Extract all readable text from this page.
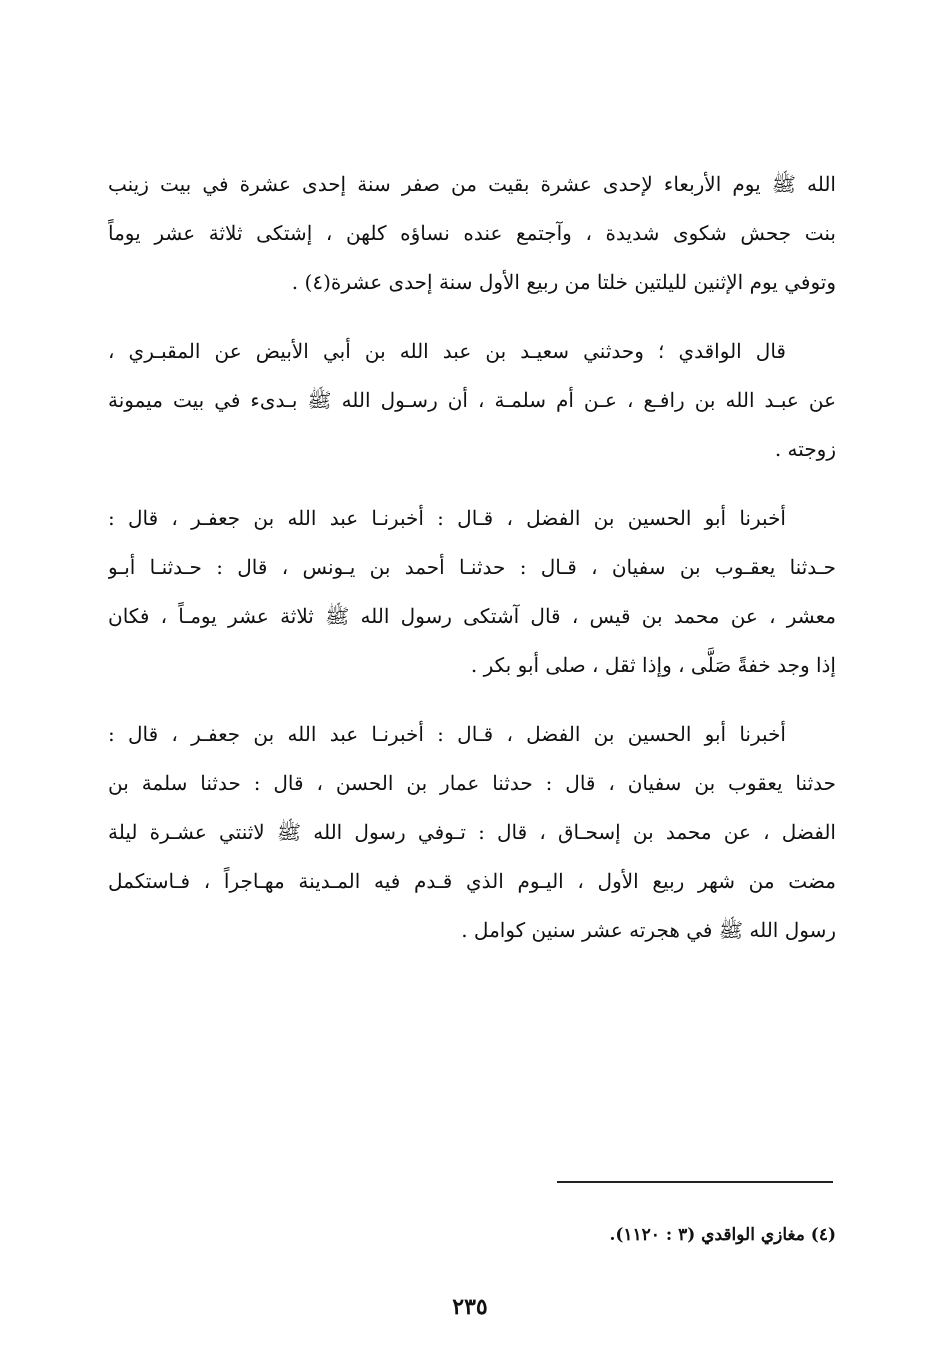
الله ﷺ يوم الأربعاء لإحدى عشرة بقيت من صفر سنة إحدى عشرة في بيت زينب
بنت جحش شكوى شديدة ، وآجتمع عنده نساؤه كلهن ، إشتكى ثلاثة عشر يوماً
وتوفي يوم الإثنين لليلتين خلتا من ربيع الأول سنة إحدى عشرة(٤) .

قال الواقدي ؛ وحدثني سعيـد بن عبد الله بن أبي الأبيض عن المقبـري ،
عن عبـد الله بن رافـع ، عـن أم سلمـة ، أن رسـول الله ﷺ بـدىء في بيت ميمونة
زوجته .

أخبرنا أبو الحسين بن الفضل ، قـال : أخبرنـا عبد الله بن جعفـر ، قال :
حـدثنا يعقـوب بن سفيان ، قـال : حدثنـا أحمد بن يـونس ، قال : حـدثنـا أبـو
معشر ، عن محمد بن قيس ، قال آشتكى رسول الله ﷺ ثلاثة عشر يومـاً ، فكان
إذا وجد خفةً صَلَّى ، وإذا ثقل ، صلى أبو بكر .

أخبرنا أبو الحسين بن الفضل ، قـال : أخبرنـا عبد الله بن جعفـر ، قال :
حدثنا يعقوب بن سفيان ، قال : حدثنا عمار بن الحسن ، قال : حدثنا سلمة بن
الفضل ، عن محمد بن إسحـاق ، قال : تـوفي رسول الله ﷺ لاثنتي عشـرة ليلة
مضت من شهر ربيع الأول ، اليـوم الذي قـدم فيه المـدينة مهـاجراً ، فـاستكمل
رسول الله ﷺ في هجرته عشر سنين كوامل .

(٤) مغازي الواقدي (٣ : ١١٢٠).
٢٣٥
